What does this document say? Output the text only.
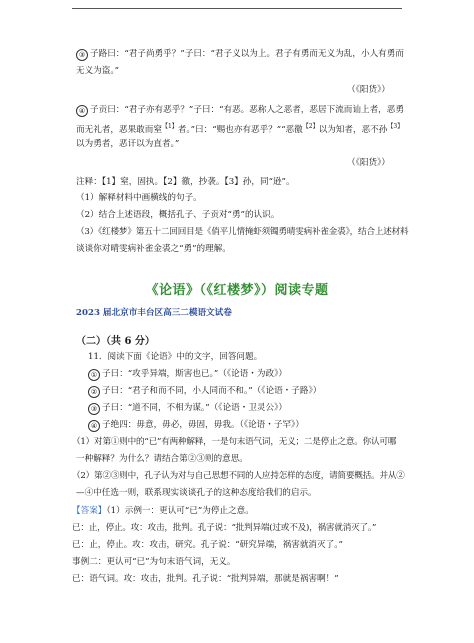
③ 子路曰：“君子尚勇乎？”子曰：“君子义以为上。君子有勇而无义为乱，小人有勇而
无义为盗。”
（《阳货》）
④ 子贡曰：“君子亦有恶乎？”子曰：“有恶。恶称人之恶者，恶居下流而讪上者，恶勇
而无礼者，恶果敢而窒$^{【1】}$者。”曰：“赐也亦有恶乎？”“恶徼$^{【2】}$以为知者，恶不孙$^{【3】}$
以为勇者，恶讦以为直者。”
（《阳货》）
注释：【1】窒，固执。【2】徼，抄袭。【3】孙，同“逊”。
（1）解释材料中画横线的句子。
（2）结合上述语段，概括孔子、子贡对“勇”的认识。
（3）《红楼梦》第五十二回回目是《俏平儿情掩虾须镯勇晴雯病补雀金裘》，结合上述材料
谈谈你对晴雯病补雀金裘之“勇”的理解。
《论语》（《红楼梦》）阅读专题
2023 届北京市丰台区高三二模语文试卷
（二）（共 6 分）
11．阅读下面《论语》中的文字，回答问题。
① 子曰：“攻乎异端，斯害也已。”（《论语・为政》）
② 子曰：“君子和而不同，小人同而不和。”（《论语・子路》）
③ 子曰：“道不同，不相为谋。”（《论语・卫灵公》）
④ 子绝四：毋意，毋必，毋固，毋我。（《论语・子罕》）
（1）对第①则中的“已”有两种解释，一是句末语气词，无义；二是停止之意。你认可哪
一种解释？为什么？请结合第②③则的意思。
（2）第②③则中，孔子认为对与自己思想不同的人应持怎样的态度，请简要概括。并从②
—④中任选一则，联系现实谈谈孔子的这种态度给我们的启示。
【答案】（1）示例一：更认可“已”为停止之意。
已：止，停止。攻：攻击，批判。孔子说：“批判异端(过或不及)，祸害就消灭了。”
已：止，停止。攻：攻击，研究。孔子说：“研究异端，祸害就消灭了。”
事例二：更认可“已”为句末语气词，无义。
已：语气词。攻：攻击，批判。孔子说：“批判异端，那就是祸害啊！”
